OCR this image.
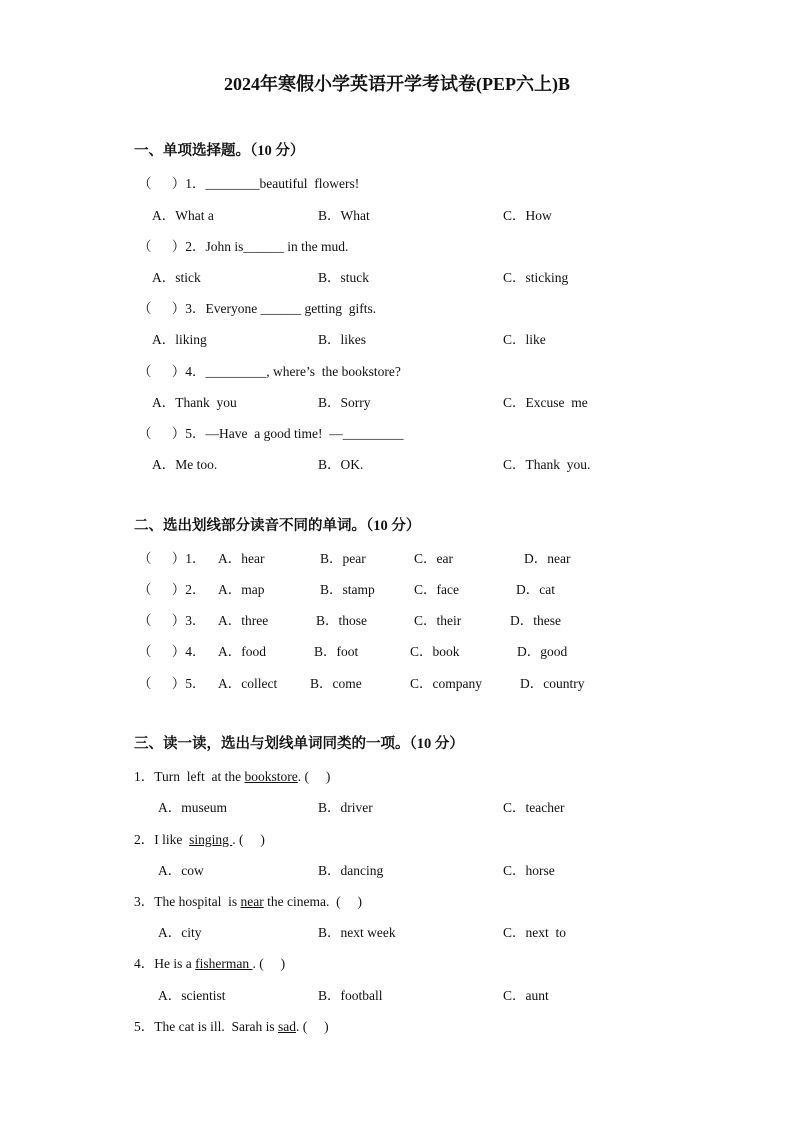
2024年寒假小学英语开学考试卷(PEP六上)B
一、单项选择题。（10 分）
（      ）1．________beautiful  flowers!
A．What a	B．What	C．How
（      ）2．John is______ in the mud.
A．stick	B．stuck	C．sticking
（      ）3．Everyone ______ getting  gifts.
A．liking	B．likes	C．like
（      ）4．_________, where’s  the bookstore?
A．Thank  you	B．Sorry	C．Excuse  me
（      ）5．—Have  a good time!  —_________
A．Me too.	B．OK.	C．Thank  you.
二、选出划线部分读音不同的单词。（10 分）
（      ）1． A．hear	B．pear	C．ear	D．near
（      ）2． A．map	B．stamp	C．face	D．cat
（      ）3． A．three	B．those	C．their	D．these
（      ）4． A．food	B．foot	C．book	D．good
（      ）5． A．collect B．come	C．company	D．country
三、读一读，选出与划线单词同类的一项。（10 分）
1．Turn  left  at the bookstore. (     )
A．museum	B．driver	C．teacher
2．I like  singing . (     )
A．cow	B．dancing	C．horse
3．The hospital  is near the cinema.  (     )
A．city	B．next week	C．next  to
4．He is a fisherman . (     )
A．scientist	B．football	C．aunt
5．The cat is ill.  Sarah is sad. (     )
